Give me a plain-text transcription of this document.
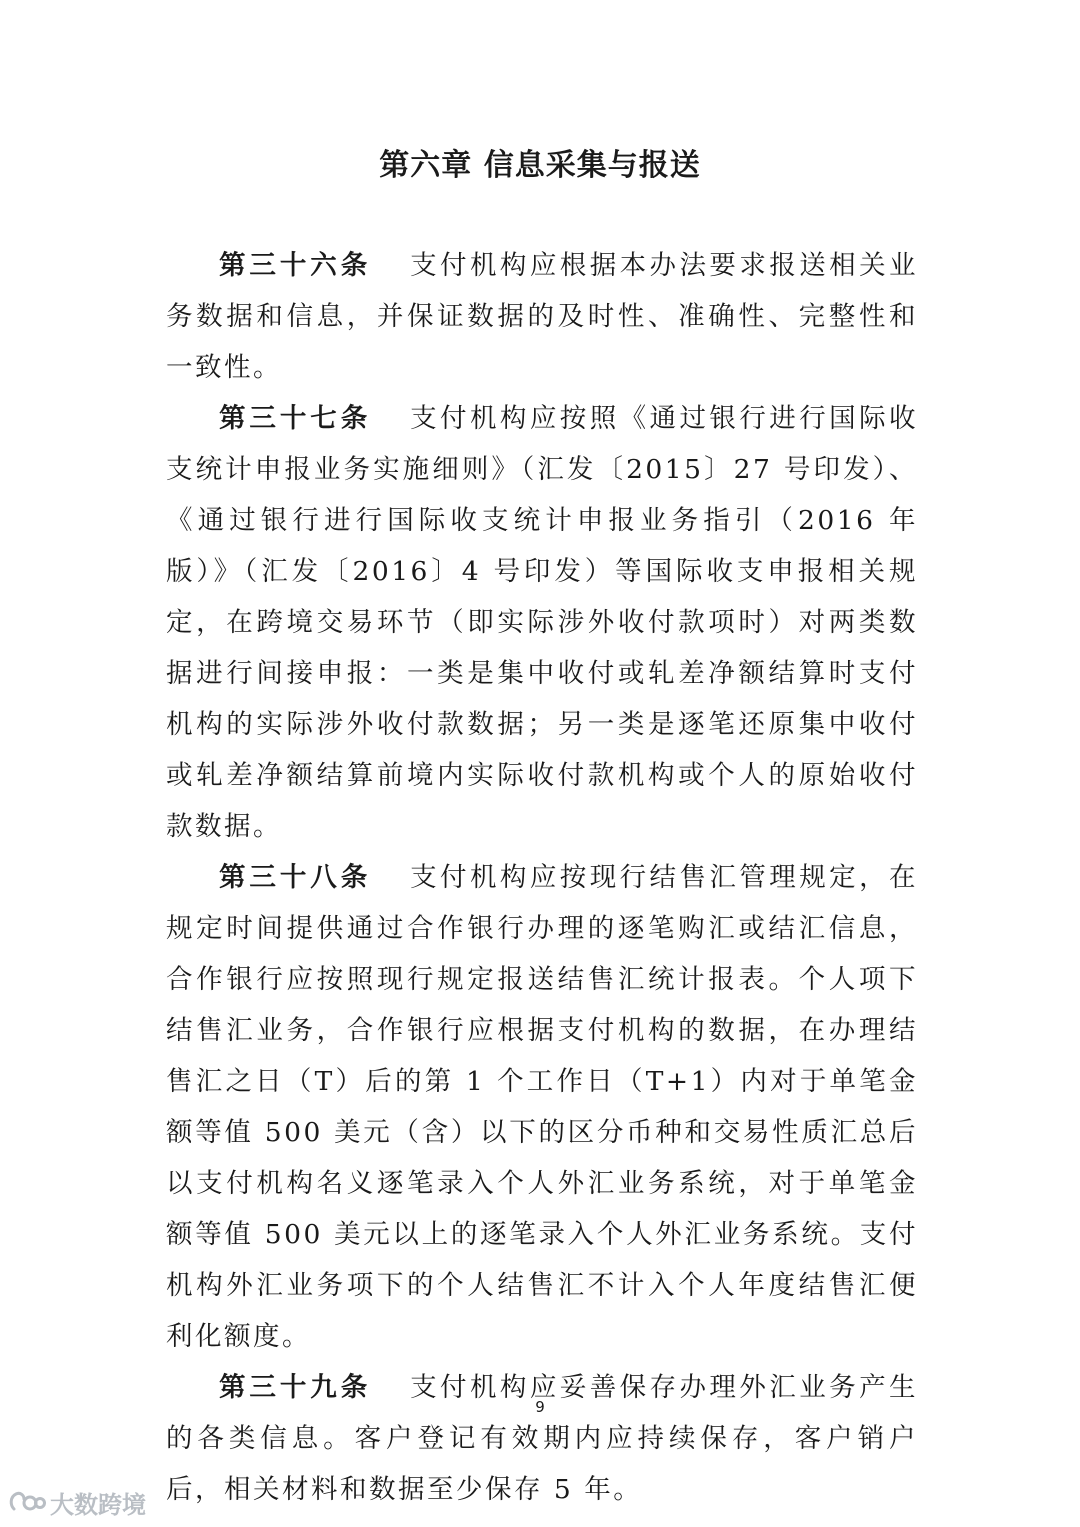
第六章 信息采集与报送

第三十六条 支付机构应根据本办法要求报送相关业务数据和信息，并保证数据的及时性、准确性、完整性和一致性。

第三十七条 支付机构应按照《通过银行进行国际收支统计申报业务实施细则》（汇发〔2015〕27 号印发）、《通过银行进行国际收支统计申报业务指引（2016 年版）》（汇发〔2016〕4 号印发）等国际收支申报相关规定，在跨境交易环节（即实际涉外收付款项时）对两类数据进行间接申报：一类是集中收付或轧差净额结算时支付机构的实际涉外收付款数据；另一类是逐笔还原集中收付或轧差净额结算前境内实际收付款机构或个人的原始收付款数据。

第三十八条 支付机构应按现行结售汇管理规定，在规定时间提供通过合作银行办理的逐笔购汇或结汇信息，合作银行应按照现行规定报送结售汇统计报表。个人项下结售汇业务，合作银行应根据支付机构的数据，在办理结售汇之日（T）后的第 1 个工作日（T+1）内对于单笔金额等值 500 美元（含）以下的区分币种和交易性质汇总后以支付机构名义逐笔录入个人外汇业务系统，对于单笔金额等值 500 美元以上的逐笔录入个人外汇业务系统。支付机构外汇业务项下的个人结售汇不计入个人年度结售汇便利化额度。

第三十九条 支付机构应妥善保存办理外汇业务产生的各类信息。客户登记有效期内应持续保存，客户销户后，相关材料和数据至少保存 5 年。

9
大数跨境
